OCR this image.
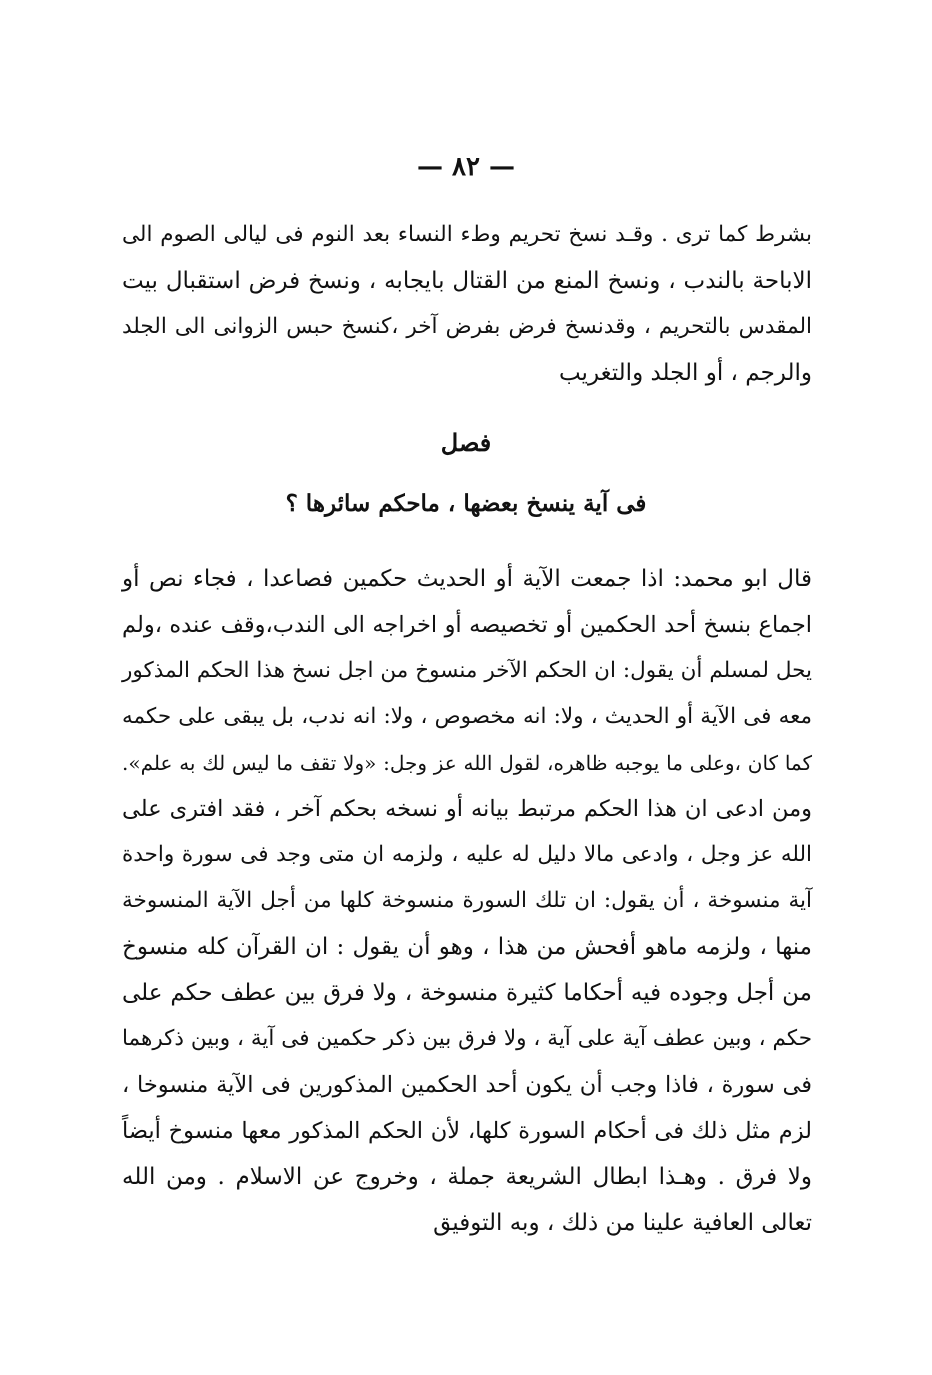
— ٨٢ —
بشرط كما ترى . وقـد نسخ تحريم وطء النساء بعد النوم فى ليالى الصوم الى
الاباحة بالندب ، ونسخ المنع من القتال بايجابه ، ونسخ فرض استقبال بيت
المقدس بالتحريم ، وقدنسخ فرض بفرض آخر ،كنسخ حبس الزوانى الى الجلد
والرجم ، أو الجلد والتغريب
فصل
فى آية ينسخ بعضها ، ماحكم سائرها ؟
قال ابو محمد: اذا جمعت الآية أو الحديث حكمين فصاعدا ، فجاء نص أو
اجماع بنسخ أحد الحكمين أو تخصيصه أو اخراجه الى الندب،وقف عنده ،ولم
يحل لمسلم أن يقول: ان الحكم الآخر منسوخ من اجل نسخ هذا الحكم المذكور
معه فى الآية أو الحديث ، ولا: انه مخصوص ، ولا: انه ندب، بل يبقى على حكمه
كما كان ،وعلى ما يوجبه ظاهره، لقول الله عز وجل: «ولا تقف ما ليس لك به علم».
ومن ادعى ان هذا الحكم مرتبط بيانه أو نسخه بحكم آخر ، فقد افترى على
الله عز وجل ، وادعى مالا دليل له عليه ، ولزمه ان متى وجد فى سورة واحدة
آية منسوخة ، أن يقول: ان تلك السورة منسوخة كلها من أجل الآية المنسوخة
منها ، ولزمه ماهو أفحش من هذا ، وهو أن يقول : ان القرآن كله منسوخ
من أجل وجوده فيه أحكاما كثيرة منسوخة ، ولا فرق بين عطف حكم على
حكم ، وبين عطف آية على آية ، ولا فرق بين ذكر حكمين فى آية ، وبين ذكرهما
فى سورة ، فاذا وجب أن يكون أحد الحكمين المذكورين فى الآية منسوخا ،
لزم مثل ذلك فى أحكام السورة كلها، لأن الحكم المذكور معها منسوخ أيضاً
ولا فرق . وهـذا ابطال الشريعة جملة ، وخروج عن الاسلام . ومن الله
تعالى العافية علينا من ذلك ، وبه التوفيق
